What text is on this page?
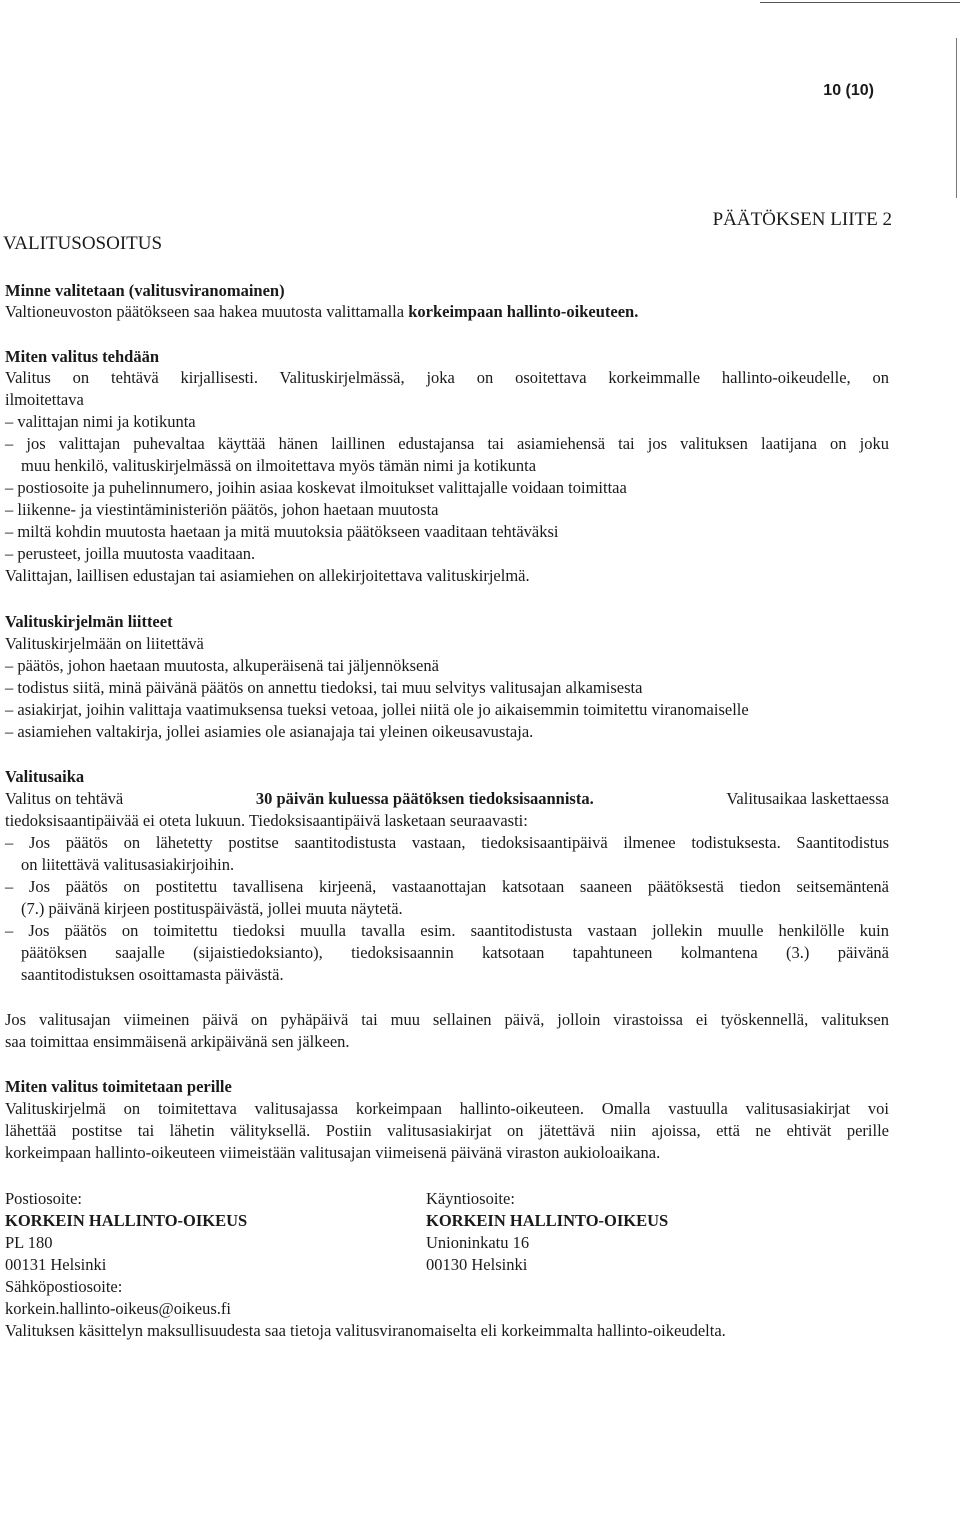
10 (10)
PÄÄTÖKSEN LIITE 2
VALITUSOSOITUS
Minne valitetaan (valitusviranomainen)
Valtioneuvoston päätökseen saa hakea muutosta valittamalla korkeimpaan hallinto-oikeuteen.
Miten valitus tehdään
Valitus on tehtävä kirjallisesti. Valituskirjelmässä, joka on osoitettava korkeimmalle hallinto-oikeudelle, on
ilmoitettava
– valittajan nimi ja kotikunta
– jos valittajan puhevaltaa käyttää hänen laillinen edustajansa tai asiamiehensä tai jos valituksen laatijana on joku
muu henkilö, valituskirjelmässä on ilmoitettava myös tämän nimi ja kotikunta
– postiosoite ja puhelinnumero, joihin asiaa koskevat ilmoitukset valittajalle voidaan toimittaa
– liikenne- ja viestintäministeriön päätös, johon haetaan muutosta
– miltä kohdin muutosta haetaan ja mitä muutoksia päätökseen vaaditaan tehtäväksi
– perusteet, joilla muutosta vaaditaan.
Valittajan, laillisen edustajan tai asiamiehen on allekirjoitettava valituskirjelmä.
Valituskirjelmän liitteet
Valituskirjelmään on liitettävä
– päätös, johon haetaan muutosta, alkuperäisenä tai jäljennöksenä
– todistus siitä, minä päivänä päätös on annettu tiedoksi, tai muu selvitys valitusajan alkamisesta
– asiakirjat, joihin valittaja vaatimuksensa tueksi vetoaa, jollei niitä ole jo aikaisemmin toimitettu viranomaiselle
– asiamiehen valtakirja, jollei asiamies ole asianajaja tai yleinen oikeusavustaja.
Valitusaika
Valitus on tehtävä	30 päivän kuluessa päätöksen tiedoksisaannista.	Valitusaikaa laskettaessa
tiedoksisaantipäivää ei oteta lukuun. Tiedoksisaantipäivä lasketaan seuraavasti:
– Jos päätös on lähetetty postitse saantitodistusta vastaan, tiedoksisaantipäivä ilmenee todistuksesta. Saantitodistus
on liitettävä valitusasiakirjoihin.
– Jos päätös on postitettu tavallisena kirjeenä, vastaanottajan katsotaan saaneen päätöksestä tiedon seitsemäntenä
(7.) päivänä kirjeen postituspäivästä, jollei muuta näytetä.
– Jos päätös on toimitettu tiedoksi muulla tavalla esim. saantitodistusta vastaan jollekin muulle henkilölle kuin
päätöksen saajalle (sijaistiedoksianto), tiedoksisaannin katsotaan tapahtuneen kolmantena (3.) päivänä
saantitodistuksen osoittamasta päivästä.
Jos valitusajan viimeinen päivä on pyhäpäivä tai muu sellainen päivä, jolloin virastoissa ei työskennellä, valituksen
saa toimittaa ensimmäisenä arkipäivänä sen jälkeen.
Miten valitus toimitetaan perille
Valituskirjelmä on toimitettava valitusajassa korkeimpaan hallinto-oikeuteen. Omalla vastuulla valitusasiakirjat voi
lähettää postitse tai lähetin välityksellä. Postiin valitusasiakirjat on jätettävä niin ajoissa, että ne ehtivät perille
korkeimpaan hallinto-oikeuteen viimeistään valitusajan viimeisenä päivänä viraston aukioloaikana.
Postiosoite:
KORKEIN HALLINTO-OIKEUS
PL 180
00131 Helsinki
Sähköpostiosoite:
korkein.hallinto-oikeus@oikeus.fi
Valituksen käsittelyn maksullisuudesta saa tietoja valitusviranomaiselta eli korkeimmalta hallinto-oikeudelta.
Käyntiosoite:
KORKEIN HALLINTO-OIKEUS
Unioninkatu 16
00130 Helsinki
